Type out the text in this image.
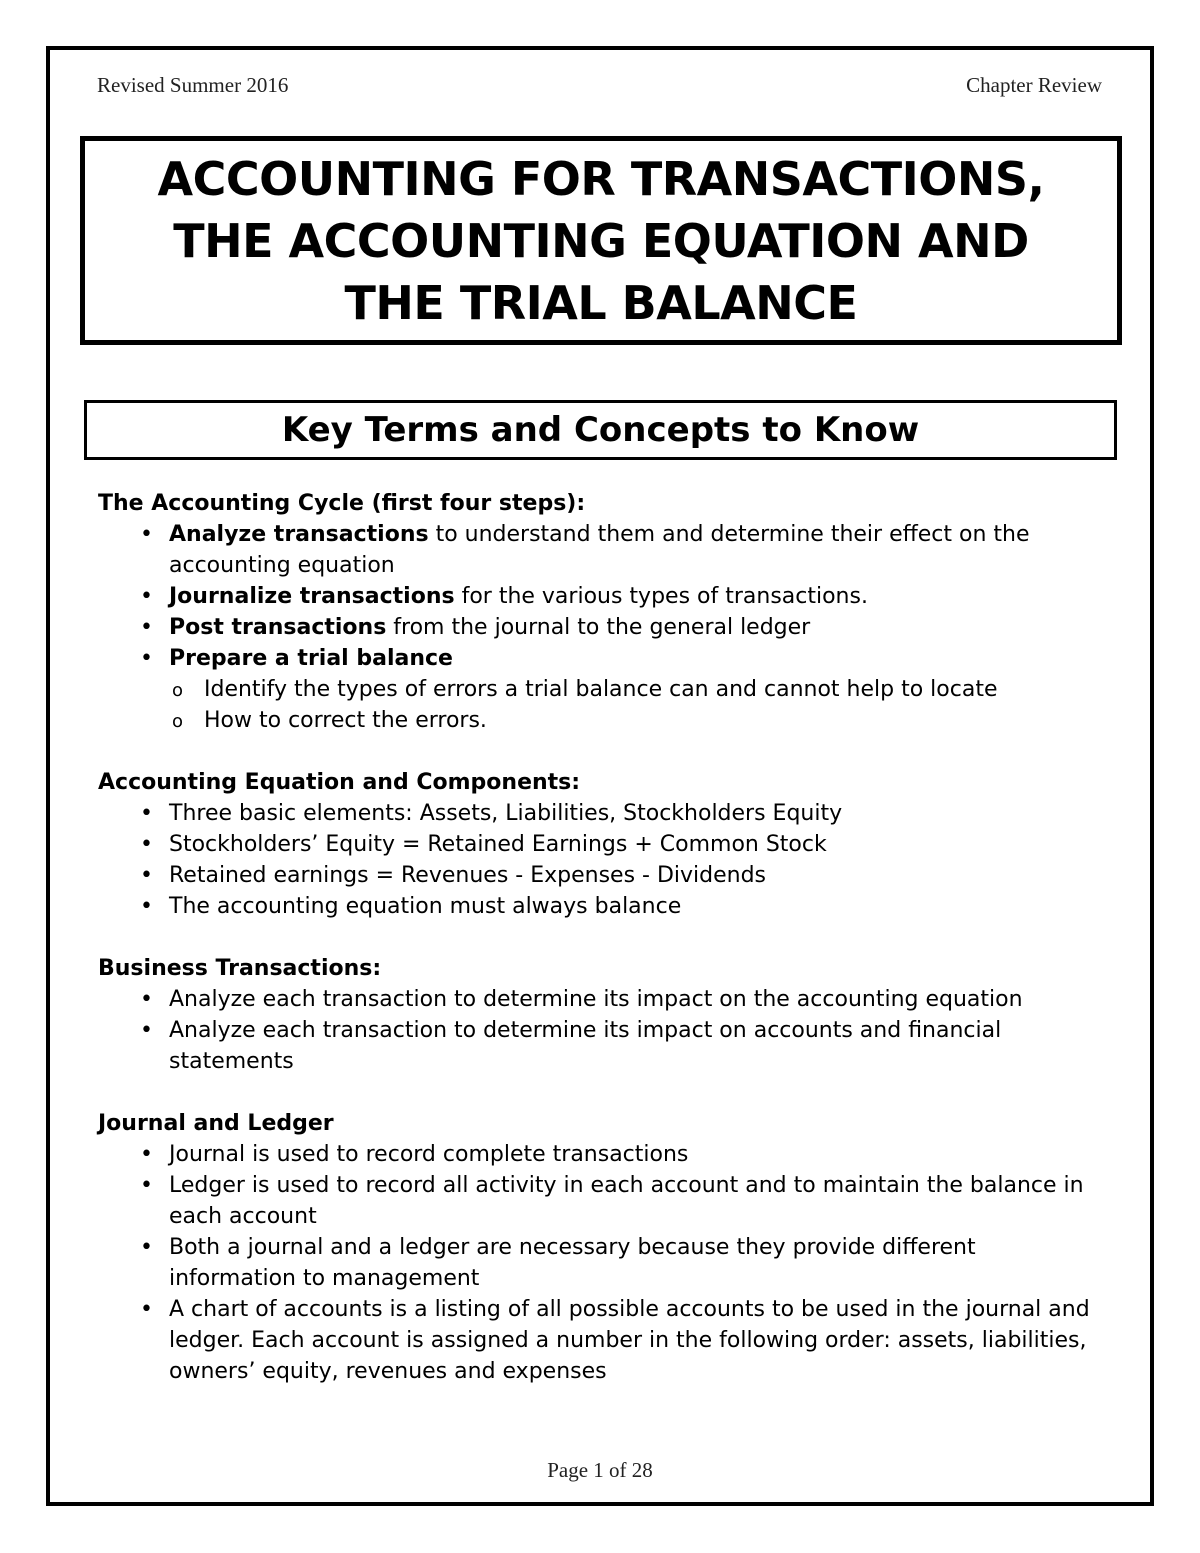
Revised Summer 2016	Chapter Review
ACCOUNTING FOR TRANSACTIONS,
THE ACCOUNTING EQUATION AND
THE TRIAL BALANCE
Key Terms and Concepts to Know
The Accounting Cycle (first four steps):
• Analyze transactions to understand them and determine their effect on the accounting equation
• Journalize transactions for the various types of transactions.
• Post transactions from the journal to the general ledger
• Prepare a trial balance
o Identify the types of errors a trial balance can and cannot help to locate
o How to correct the errors.
Accounting Equation and Components:
• Three basic elements: Assets, Liabilities, Stockholders Equity
• Stockholders’ Equity = Retained Earnings + Common Stock
• Retained earnings = Revenues - Expenses - Dividends
• The accounting equation must always balance
Business Transactions:
• Analyze each transaction to determine its impact on the accounting equation
• Analyze each transaction to determine its impact on accounts and financial statements
Journal and Ledger
• Journal is used to record complete transactions
• Ledger is used to record all activity in each account and to maintain the balance in each account
• Both a journal and a ledger are necessary because they provide different information to management
• A chart of accounts is a listing of all possible accounts to be used in the journal and ledger. Each account is assigned a number in the following order: assets, liabilities, owners’ equity, revenues and expenses
Page 1 of 28
